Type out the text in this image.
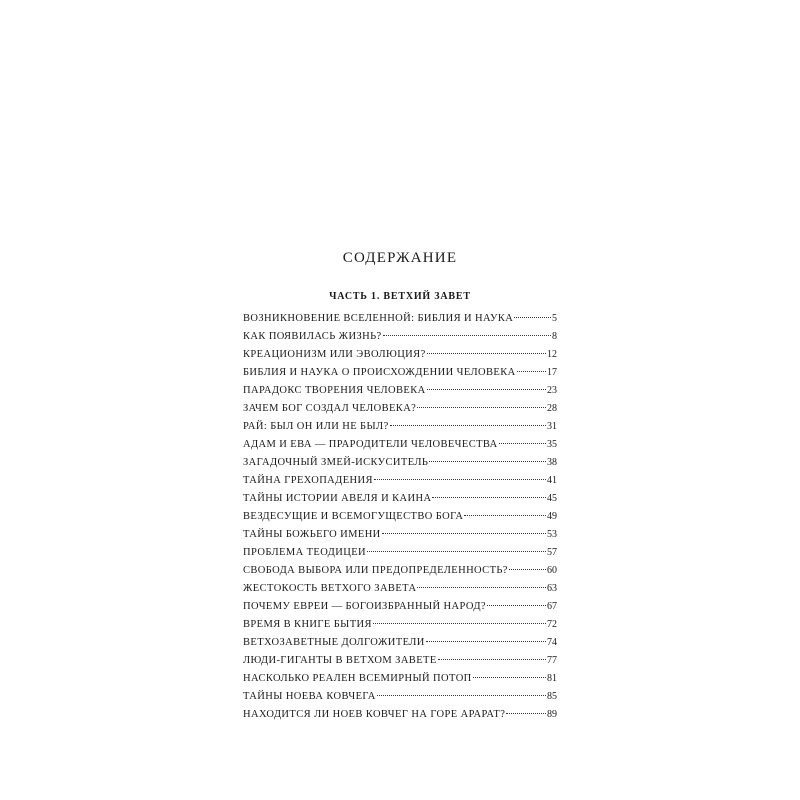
СОДЕРЖАНИЕ
ЧАСТЬ 1. ВЕТХИЙ ЗАВЕТ
ВОЗНИКНОВЕНИЕ ВСЕЛЕННОЙ: БИБЛИЯ И НАУКА	5
КАК ПОЯВИЛАСЬ ЖИЗНЬ?	8
КРЕАЦИОНИЗМ ИЛИ ЭВОЛЮЦИЯ?	12
БИБЛИЯ И НАУКА О ПРОИСХОЖДЕНИИ ЧЕЛОВЕКА	17
ПАРАДОКС ТВОРЕНИЯ ЧЕЛОВЕКА	23
ЗАЧЕМ БОГ СОЗДАЛ ЧЕЛОВЕКА?	28
РАЙ: БЫЛ ОН ИЛИ НЕ БЫЛ?	31
АДАМ И ЕВА — ПРАРОДИТЕЛИ ЧЕЛОВЕЧЕСТВА	35
ЗАГАДОЧНЫЙ ЗМЕЙ-ИСКУСИТЕЛЬ	38
ТАЙНА ГРЕХОПАДЕНИЯ	41
ТАЙНЫ ИСТОРИИ АВЕЛЯ И КАИНА	45
ВЕЗДЕСУЩИЕ И ВСЕМОГУЩЕСТВО БОГА	49
ТАЙНЫ БОЖЬЕГО ИМЕНИ	53
ПРОБЛЕМА ТЕОДИЦЕИ	57
СВОБОДА ВЫБОРА ИЛИ ПРЕДОПРЕДЕЛЕННОСТЬ?	60
ЖЕСТОКОСТЬ ВЕТХОГО ЗАВЕТА	63
ПОЧЕМУ ЕВРЕИ — БОГОИЗБРАННЫЙ НАРОД?	67
ВРЕМЯ В КНИГЕ БЫТИЯ	72
ВЕТХОЗАВЕТНЫЕ ДОЛГОЖИТЕЛИ	74
ЛЮДИ-ГИГАНТЫ В ВЕТХОМ ЗАВЕТЕ	77
НАСКОЛЬКО РЕАЛЕН ВСЕМИРНЫЙ ПОТОП	81
ТАЙНЫ НОЕВА КОВЧЕГА	85
НАХОДИТСЯ ЛИ НОЕВ КОВЧЕГ НА ГОРЕ АРАРАТ?	89
